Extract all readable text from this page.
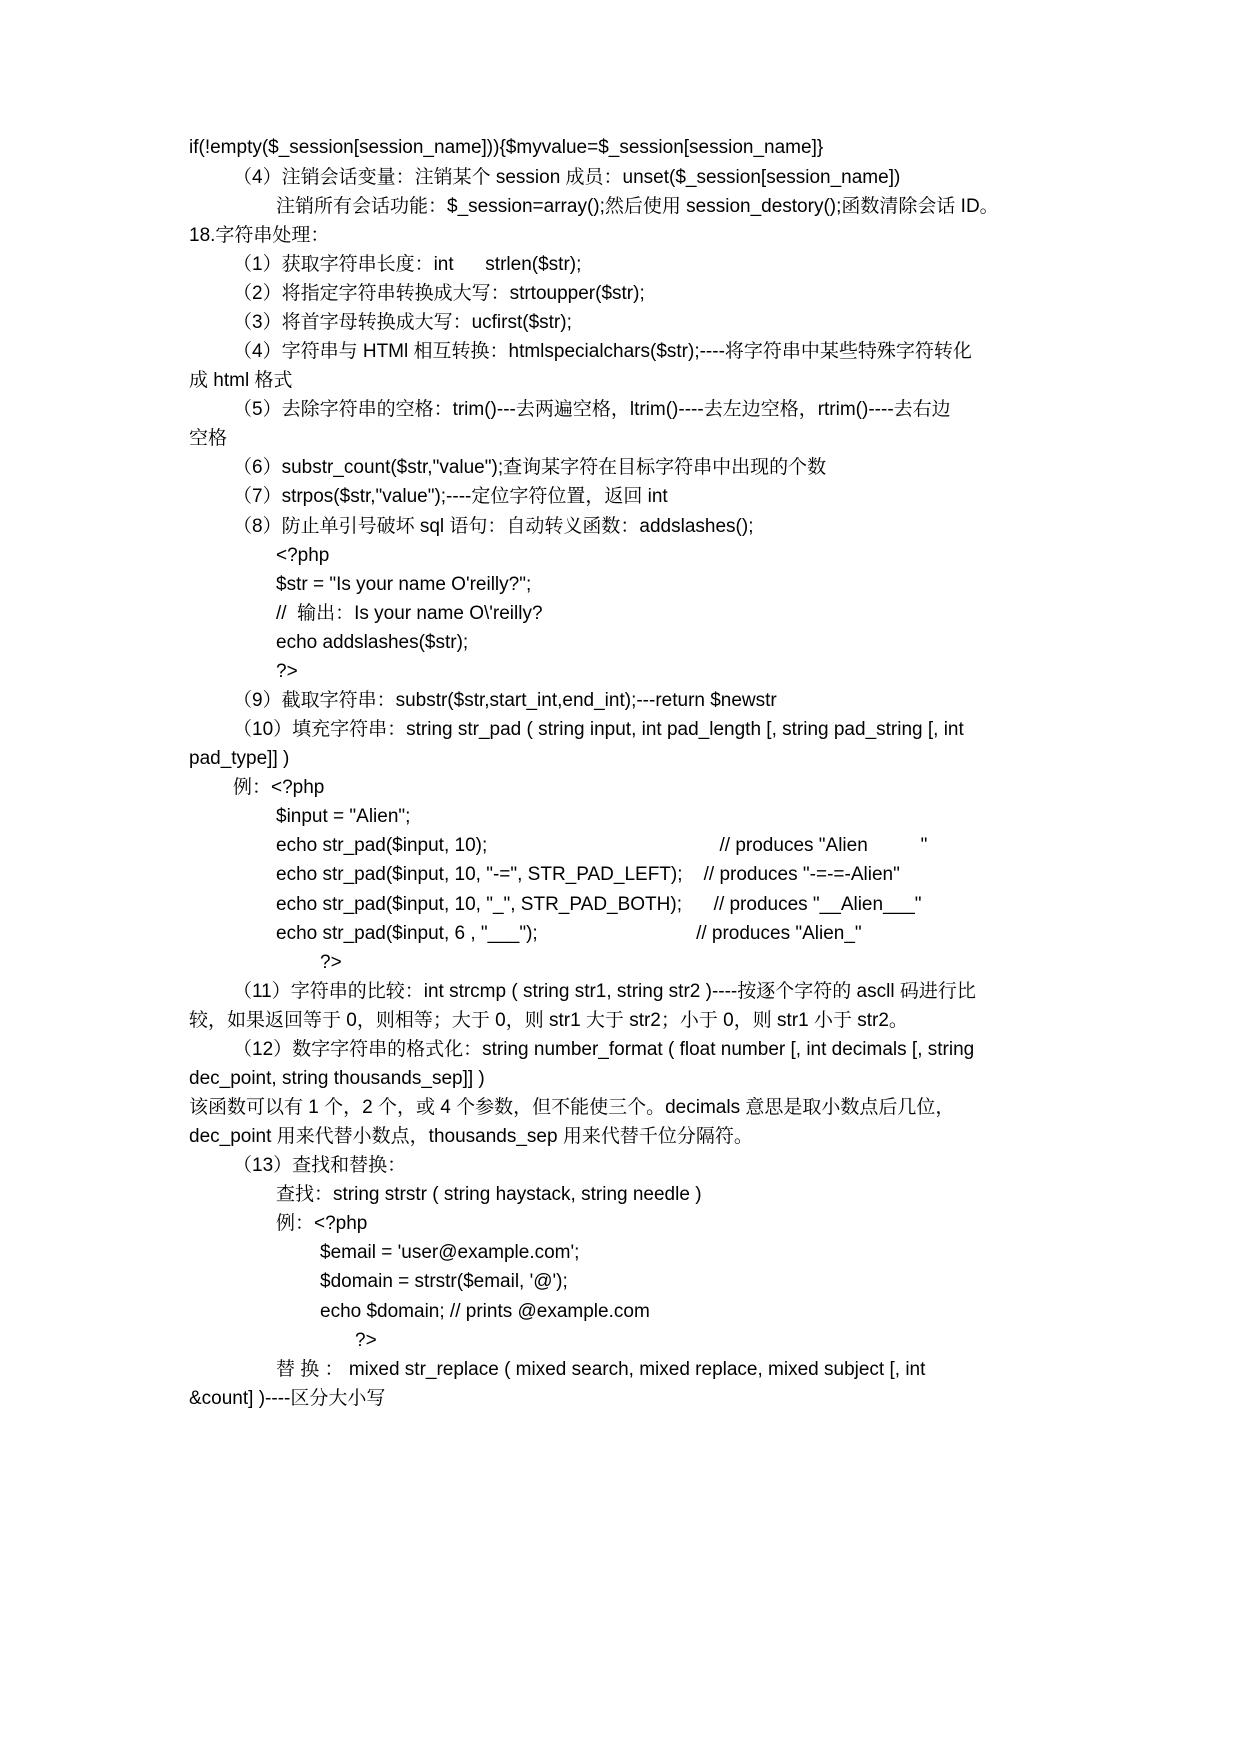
if(!empty($_session[session_name])){$myvalue=$_session[session_name]}
（4）注销会话变量：注销某个 session 成员：unset($_session[session_name])
注销所有会话功能：$_session=array();然后使用 session_destory();函数清除会话 ID。
18.字符串处理：
（1）获取字符串长度：int      strlen($str);
（2）将指定字符串转换成大写：strtoupper($str);
（3）将首字母转换成大写：ucfirst($str);
（4）字符串与 HTMl 相互转换：htmlspecialchars($str);----将字符串中某些特殊字符转化
成 html 格式
（5）去除字符串的空格：trim()---去两遍空格，ltrim()----去左边空格，rtrim()----去右边
空格
（6）substr_count($str,"value");查询某字符在目标字符串中出现的个数
（7）strpos($str,"value");----定位字符位置，返回 int
（8）防止单引号破坏 sql 语句：自动转义函数：addslashes();
<?php
$str = "Is your name O'reilly?";
//  输出：Is your name O\'reilly?
echo addslashes($str);
?>
（9）截取字符串：substr($str,start_int,end_int);---return $newstr
（10）填充字符串：string str_pad ( string input, int pad_length [, string pad_string [, int
pad_type]] )
例：<?php
$input = "Alien";
echo str_pad($input, 10);                                            // produces "Alien          "
echo str_pad($input, 10, "-=", STR_PAD_LEFT);    // produces "-=-=-Alien"
echo str_pad($input, 10, "_", STR_PAD_BOTH);      // produces "__Alien___"
echo str_pad($input, 6 , "___");                              // produces "Alien_"
?>
（11）字符串的比较：int strcmp ( string str1, string str2 )----按逐个字符的 ascll 码进行比
较，如果返回等于 0，则相等；大于 0，则 str1 大于 str2；小于 0，则 str1 小于 str2。
（12）数字字符串的格式化：string number_format ( float number [, int decimals [, string
dec_point, string thousands_sep]] )
该函数可以有 1 个，2 个，或 4 个参数，但不能使三个。decimals 意思是取小数点后几位，
dec_point 用来代替小数点，thousands_sep 用来代替千位分隔符。
（13）查找和替换：
查找：string strstr ( string haystack, string needle )
例：<?php
$email = 'user@example.com';
$domain = strstr($email, '@');
echo $domain; // prints @example.com
?>
替 换 ： mixed str_replace ( mixed search, mixed replace, mixed subject [, int
&count] )----区分大小写
